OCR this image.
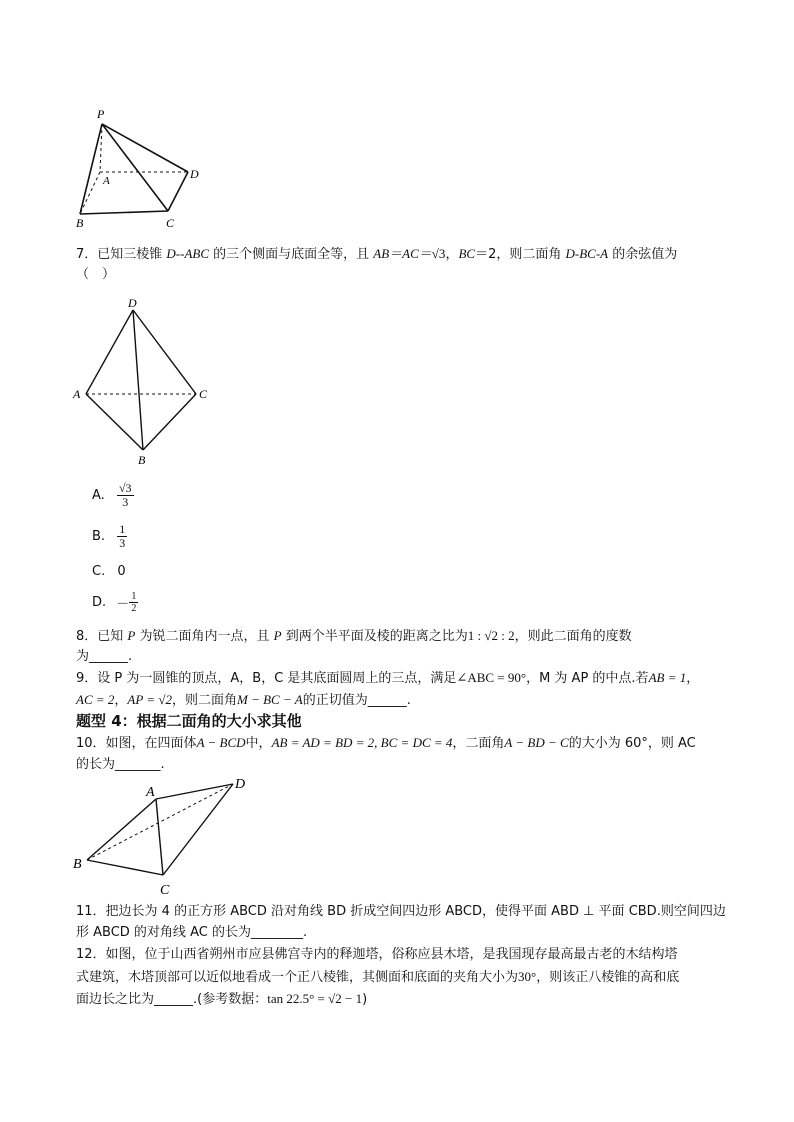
P
A
B	C
D
7．已知三棱锥 D--ABC 的三个侧面与底面全等，且 AB＝AC＝√3，BC＝2，则二面角 D-BC-A 的余弦值为
（　）
D
A	C
B
A. $\frac{√3}{3}$
B. $\frac{1}{3}$
C. 0
D. － $\frac{1}{2}$
8．已知 P 为锐二面角内一点，且 P 到两个半平面及棱的距离之比为1 : √2 : 2，则此二面角的度数
为______.
9．设 P 为一圆锥的顶点，A，B，C 是其底面圆周上的三点，满足∠ABC = 90°，M 为 AP 的中点.若AB = 1，
AC = 2，AP = √2，则二面角M − BC − A的正切值为______.
题型 4：根据二面角的大小求其他
10．如图，在四面体A − BCD中，AB = AD = BD = 2, BC = DC = 4，二面角A − BD − C的大小为 60°，则 AC
的长为_______.
A
B
C
D
11．把边长为 4 的正方形 ABCD 沿对角线 BD 折成空间四边形 ABCD，使得平面 ABD ⊥ 平面 CBD.则空间四边
形 ABCD 的对角线 AC 的长为________.
12．如图，位于山西省朔州市应县佛宫寺内的释迦塔，俗称应县木塔，是我国现存最高最古老的木结构塔
式建筑，木塔顶部可以近似地看成一个正八棱锥，其侧面和底面的夹角大小为30°，则该正八棱锥的高和底
面边长之比为______.(参考数据：tan 22.5° = √2 − 1)
